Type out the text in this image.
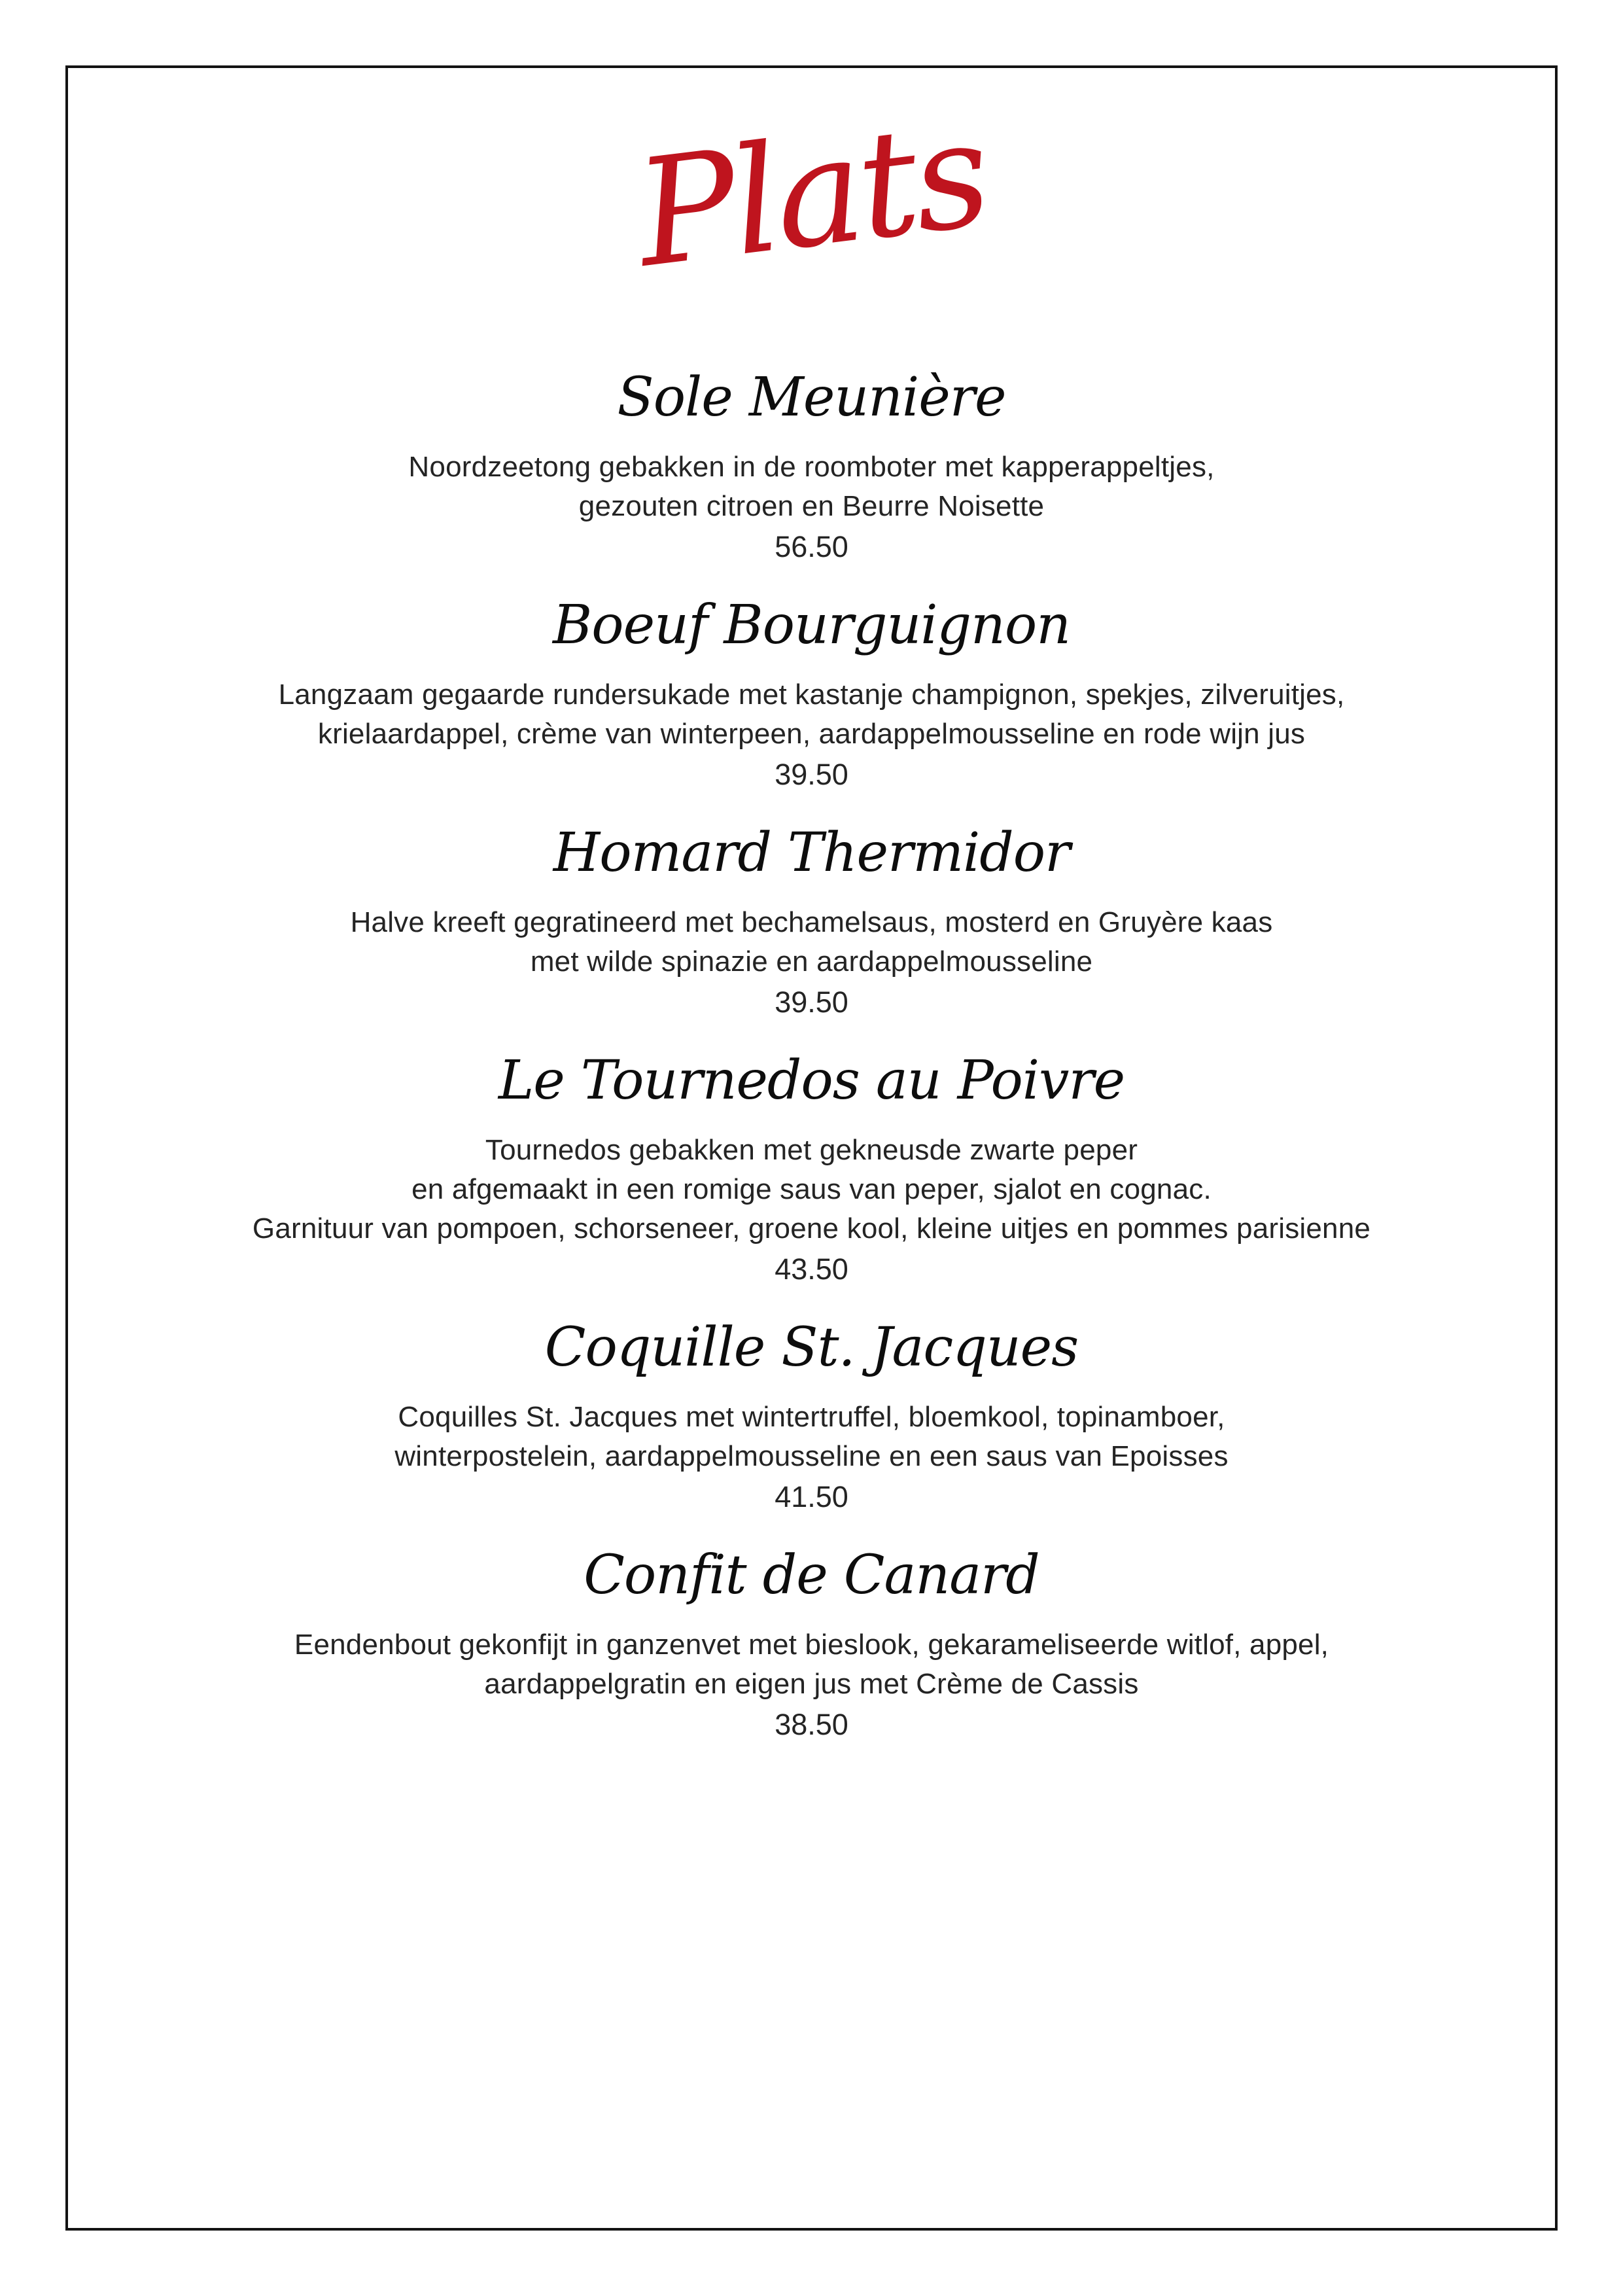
Plats
Sole Meunière

Noordzeetong gebakken in de roomboter met kapperappeltjes,

gezouten citroen en Beurre Noisette

56.50

Boeuf Bourguignon

Langzaam gegaarde rundersukade met kastanje champignon, spekjes, zilveruitjes,

krielaardappel, crème van winterpeen, aardappelmousseline en rode wijn jus

39.50

Homard Thermidor

Halve kreeft gegratineerd met bechamelsaus, mosterd en Gruyère kaas

met wilde spinazie en aardappelmousseline

39.50

Le Tournedos au Poivre

Tournedos gebakken met gekneusde zwarte peper

en afgemaakt in een romige saus van peper, sjalot en cognac.

Garnituur van pompoen, schorseneer, groene kool, kleine uitjes en pommes parisienne

43.50

Coquille St. Jacques

Coquilles St. Jacques met wintertruffel, bloemkool, topinamboer,

winterpostelein, aardappelmousseline en een saus van Epoisses

41.50

Confit de Canard

Eendenbout gekonfijt in ganzenvet met bieslook, gekarameliseerde witlof, appel,

aardappelgratin en eigen jus met Crème de Cassis

38.50
